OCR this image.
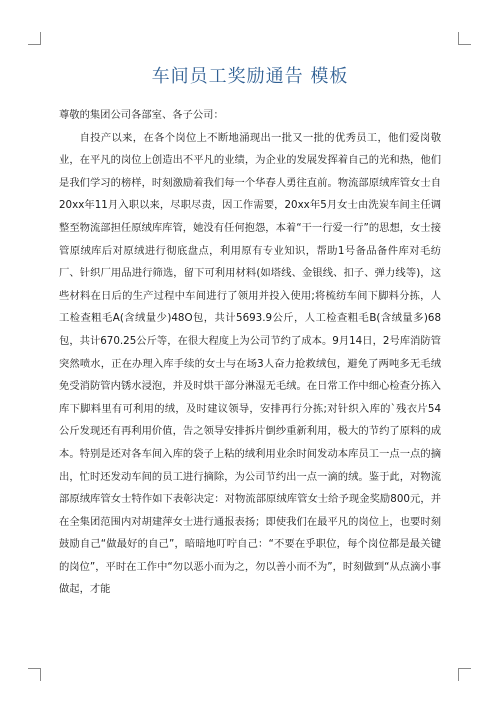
车间员工奖励通告 模板

尊敬的集团公司各部室、各子公司：

自投产以来，在各个岗位上不断地涌现出一批又一批的优秀员工，他们爱岗敬业，在平凡的岗位上创造出不平凡的业绩，为企业的发展发挥着自己的光和热，他们是我们学习的榜样，时刻激励着我们每一个华春人勇往直前。物流部原绒库管女士自20xx年11月入职以来，尽职尽责，因工作需要，20xx年5月女士由洗炭车间主任调整至物流部担任原绒库库管，她没有任何抱怨，本着“干一行爱一行”的思想，女士接管原绒库后对原绒进行彻底盘点，利用原有专业知识，帮助1号备品备件库对毛纺厂、针织厂用品进行筛选，留下可利用材料(如塔线、金银线、扣子、弹力线等)，这些材料在日后的生产过程中车间进行了领用并投入使用;将梳纺车间下脚料分拣，人工检查粗毛A(含绒量少)48O包，共计5693.9公斤，人工检查粗毛B(含绒量多)68包，共计670.25公斤等，在很大程度上为公司节约了成本。9月14日，2号库消防管突然喷水，正在办理入库手续的女士与在场3人奋力抢救绒包，避免了两吨多无毛绒免受消防管内锈水浸泡，并及时烘干部分淋湿无毛绒。在日常工作中细心检查分拣入库下脚料里有可利用的绒，及时建议领导，安排再行分拣;对针织入库的`残衣片54公斤发现还有再利用价值，告之领导安排拆片倒纱重新利用，极大的节约了原料的成本。特别是还对各车间入库的袋子上粘的绒利用业余时间发动本库员工一点一点的摘出，忙时还发动车间的员工进行摘除，为公司节约出一点一滴的绒。鉴于此，对物流部原绒库管女士特作如下表彰决定：对物流部原绒库管女士给予现金奖励800元，并在全集团范围内对胡建萍女士进行通报表扬；即使我们在最平凡的岗位上，也要时刻鼓励自己“做最好的自己”，暗暗地叮咛自己：“不要在乎职位，每个岗位都是最关键的岗位”，平时在工作中“勿以恶小而为之，勿以善小而不为”，时刻做到“从点滴小事做起，才能
